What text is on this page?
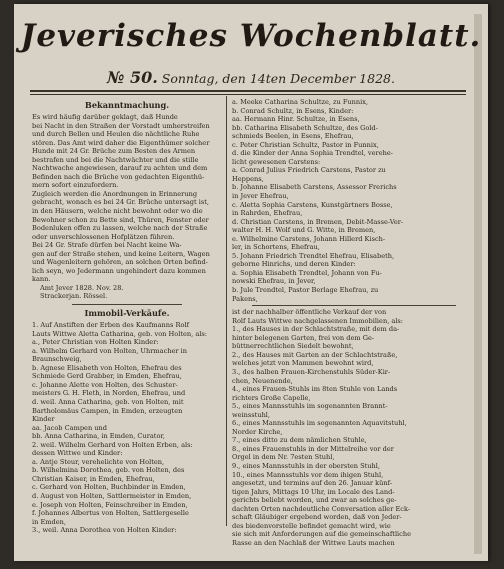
Jeverisches Wochenblatt.
№ 50. Sonntag, den 14ten December 1828.
Bekanntmachung.
Es wird häufig darüber geklagt, daß Hunde
bei Nacht in den Straßen der Vorstadt umherstreifen
und durch Bellen und Heulen die nächtliche Ruhe
stören. Das Amt wird daher die Eigenthümer solcher
Hunde mit 24 Gr. Brüche zum Besten des Armen
bestrafen und bei die Nachtwächter und die stille
Nachtwache angewiesen, darauf zu achten und dem
Befinden nach die Brüche von gedachten Eigenthü-
mern sofort einzufordern.
Zugleich werden die Anordnungen in Erinnerung
gebracht, wonach es bei 24 Gr. Brüche untersagt ist,
in den Häusern, welche nicht bewohnt oder wo die
Bewohner schon zu Bette sind, Thüren, Fenster oder
Bodenluken offen zu lassen, welche nach der Straße
oder unverschlossenen Hofplätzen führen.
Bei 24 Gr. Strafe dürfen bei Nacht keine Wa-
gen auf der Straße stehen, und keine Leitern, Wagen
und Wagenleitern gehören, an solchen Orten befind-
lich seyn, wo Jedermann ungehindert dazu kommen
kann.
Amt Jever 1828. Nov. 28.
Strackerjan. Rössel.
Immobil-Verkäufe.
1. Auf Anstiften der Erben des Kaufmanns Rolf
Lauts Wittwe Aletta Catharina, geb. von Holten, als:
a., Peter Christian von Holten Kinder:
a. Wilhelm Gerhard von Holten, Uhrmacher in
Braunschweig,
b. Agnese Elisabeth von Holten, Ehefrau des
Schmiede Gerd Grabber, in Emden, Ehefrau,
c. Johanne Alette von Holten, des Schuster-
meisters G. H. Fleth, in Norden, Ehefrau, und
d. weil. Anna Catharina, geb. von Holten, mit
Bartholomäus Campen, in Emden, erzeugten
Kinder
aa. Jacob Campen und
bb. Anna Catharina, in Emden, Curator,
2. weil. Wilhelm Gerhard von Holten Erben, als:
dessen Wittwe und Kinder:
a. Antje Steur, verehelichte von Holten,
b. Wilhelmina Dorothea, geb. von Holten, des
Christian Kaiser, in Emden, Ehefrau,
c. Gerhard von Holten, Buchbinder in Emden,
d. August von Holten, Sattlermeister in Emden,
e. Joseph von Holten, Feinschreiber in Emden,
f. Johannes Albertus von Holten, Sattlergeselle
in Emden,
3., weil. Anna Dorothea von Holten Kinder:
a. Meeke Catharina Schultze, zu Funnix,
b. Conrad Schultz, in Esens, Kinder:
aa. Hermann Hinr. Schultze, in Esens,
bb. Catharina Elisabeth Schultze, des Gold-
schmieds Beelen, in Esens, Ehefrau,
c. Peter Christian Schultz, Pastor in Funnix,
d. die Kinder der Anna Sophia Trendtel, verehe-
licht gewesenen Carstens:
a. Conrad Julius Friedrich Carstens, Pastor zu
Heppens,
b. Johanne Elisabeth Carstens, Assessor Frerichs
in Jever Ehefrau,
c. Aletta Sophia Carstens, Kunstgärtners Bosse,
in Rahrden, Ehefrau,
d. Christian Carstens, in Bremen, Debit-Masse-Ver-
walter H. H. Wolf und G. Witte, in Bremen,
e. Wilhelmine Carstens, Johann Hillerd Kisch-
ler, in Schortens, Ehefrau,
5. Johann Friedrich Trendtel Ehefrau, Elisabeth,
geborne Hinrichs, und deren Kinder:
a. Sophia Elisabeth Trendtel, Johann von Fu-
nowski Ehefrau, in Jever,
b. Jule Trendtel, Pastor Berlage Ehefrau, zu
Pakens,
ist der nachhalber öffentliche Verkauf der von
Rolf Lauts Wittwe nachgelassenen Immobilien, als:
1., des Hauses in der Schlachtstraße, mit dem da-
hinter belegenen Garten, frei von dem Ge-
büttnerrechtlichen Siedelt bewohnt,
2., des Hauses mit Garten an der Schlachtstraße,
welches jetzt von Mammen bewohnt wird,
3., des halben Frauen-Kirchenstuhls Süder-Kir-
chen, Neuenende,
4., eines Frauen-Stuhls im 8ten Stuhle von Lands
richters Große Capelle,
5., eines Mannsstuhls im sogenannten Brannt-
weinsstuhl,
6., eines Mannsstuhls im sogenannten Aquavitstuhl,
Norder Kirche,
7., eines ditto zu dem nämlichen Stuhle,
8., eines Frauenstuhls in der Mittelreihe vor der
Orgel in dem Nr. 7esten Stuhl,
9., eines Mannsstuhls in der obersten Stuhl,
10., eines Mannsstuhls vor dem ihigen Stuhl,
angesetzt, und termins auf den 26. Januar künf-
tigen Jahrs, Mittags 10 Uhr, im Locale des Land-
gerichts beliebt worden, und zwar an solches ge-
dachten Orten nachdeutliche Conversation aller Eck-
schaft Gläubiger ergebend worden, daß von Jeder-
des biedenvorstelle befindet gemacht wird, wie
sie sich mit Anforderungen auf die gemeinschaftliche
Rasse an den Nachlaß der Wittwe Lauts machen
